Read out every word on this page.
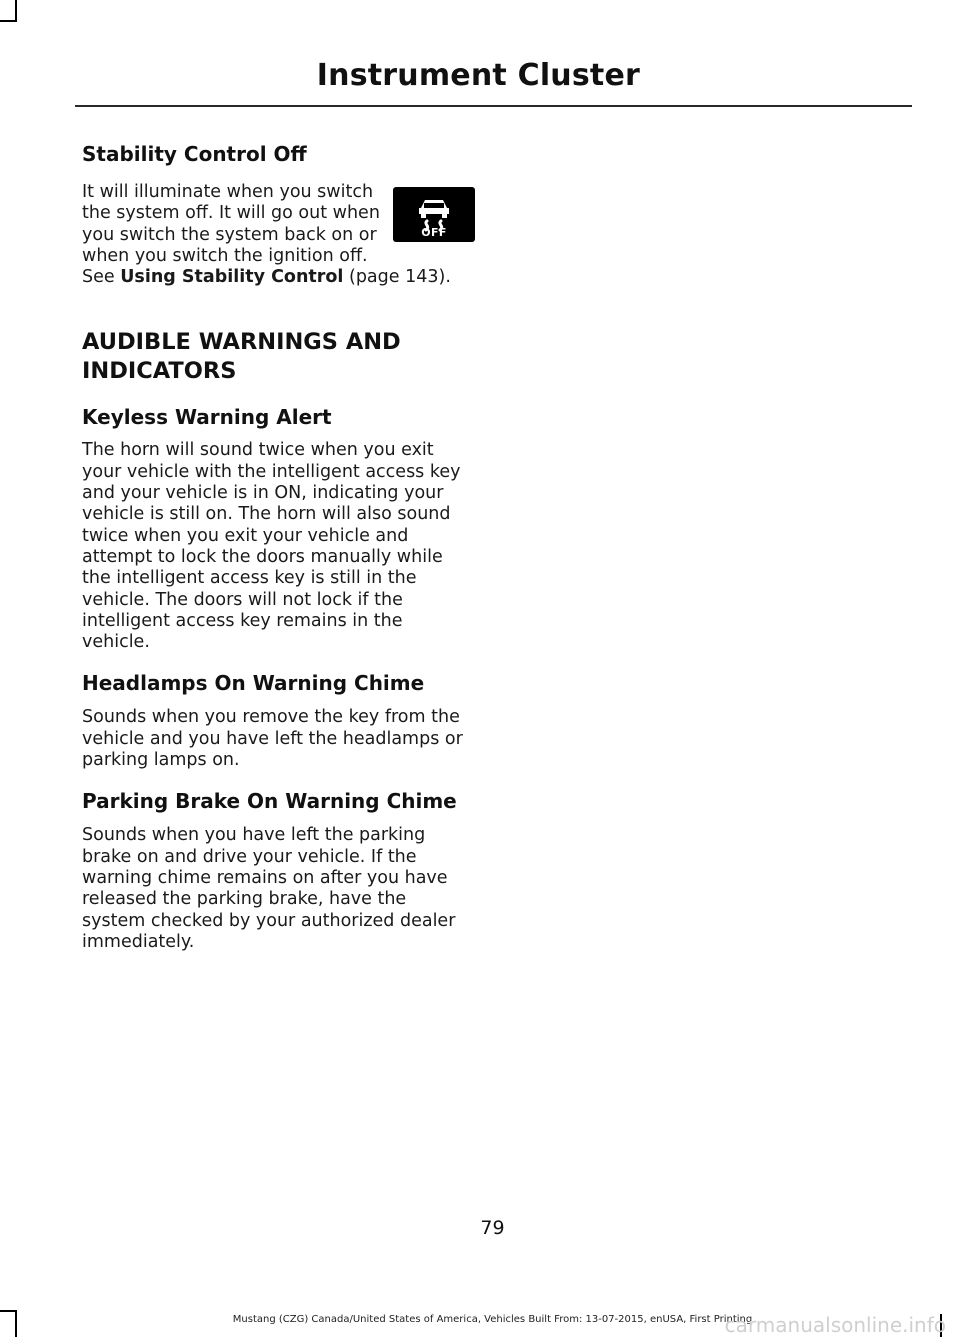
Instrument Cluster
Stability Control Off
OFF

It will illuminate when you switch the system off. It will go out when you switch the system back on or when you switch the ignition off. See Using Stability Control (page 143).

AUDIBLE WARNINGS AND
INDICATORS
Keyless Warning Alert

The horn will sound twice when you exit your vehicle with the intelligent access key and your vehicle is in ON, indicating your vehicle is still on. The horn will also sound twice when you exit your vehicle and attempt to lock the doors manually while the intelligent access key is still in the vehicle. The doors will not lock if the intelligent access key remains in the vehicle.

Headlamps On Warning Chime

Sounds when you remove the key from the vehicle and you have left the headlamps or parking lamps on.

Parking Brake On Warning Chime

Sounds when you have left the parking brake on and drive your vehicle. If the warning chime remains on after you have released the parking brake, have the system checked by your authorized dealer immediately.

79
Mustang (CZG) Canada/United States of America, Vehicles Built From: 13-07-2015, enUSA, First Printing
carmanualsonline.info
